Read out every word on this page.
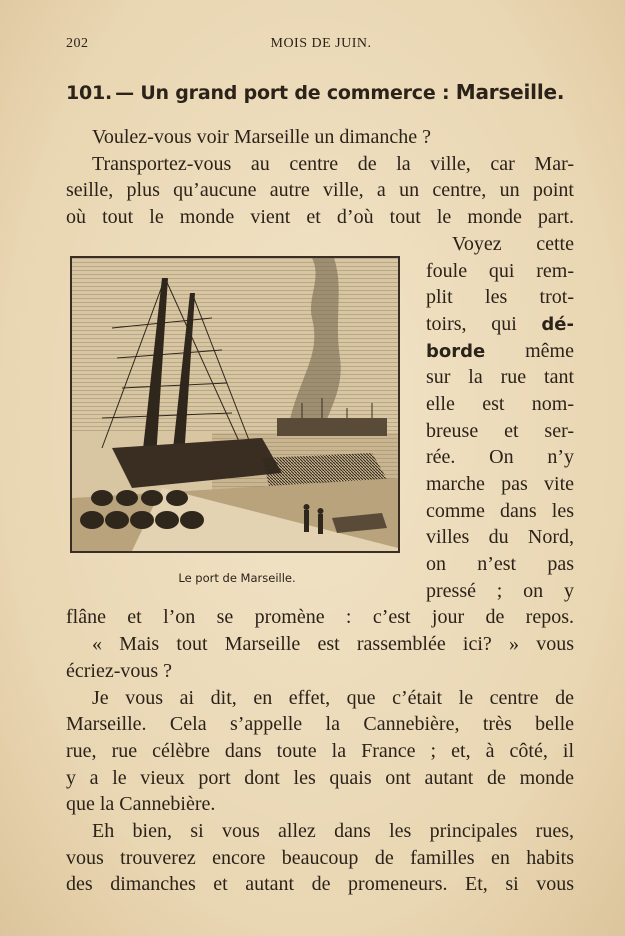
202	MOIS DE JUIN.
101. — Un grand port de commerce : Marseille.
Voulez-vous voir Marseille un dimanche ?
Transportez-vous au centre de la ville, car Mar-
seille, plus qu’aucune autre ville, a un centre, un point
où tout le monde vient et d’où tout le monde part.
Voyez cette
foule qui rem-
plit les trot-
toirs, qui dé-
borde même
sur la rue tant
elle est nom-
breuse et ser-
rée. On n’y
marche pas vite
comme dans les
villes du Nord,
on n’est pas
pressé ; on y
Le port de Marseille.
flâne et l’on se promène : c’est jour de repos.
« Mais tout Marseille est rassemblée ici? » vous
écriez-vous ?
Je vous ai dit, en effet, que c’était le centre de
Marseille. Cela s’appelle la Cannebière, très belle
rue, rue célèbre dans toute la France ; et, à côté, il
y a le vieux port dont les quais ont autant de monde
que la Cannebière.
Eh bien, si vous allez dans les principales rues,
vous trouverez encore beaucoup de familles en habits
des dimanches et autant de promeneurs. Et, si vous
